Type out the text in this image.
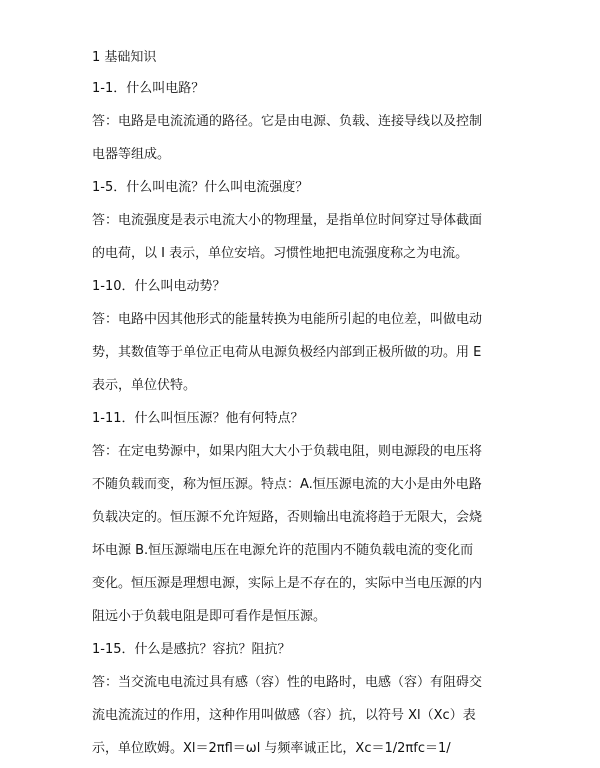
1 基础知识
1-1．什么叫电路？
答：电路是电流流通的路径。它是由电源、负载、连接导线以及控制
电器等组成。
1-5．什么叫电流？什么叫电流强度？
答：电流强度是表示电流大小的物理量，是指单位时间穿过导体截面
的电荷，以 I 表示，单位安培。习惯性地把电流强度称之为电流。
1-10．什么叫电动势？
答：电路中因其他形式的能量转换为电能所引起的电位差，叫做电动
势，其数值等于单位正电荷从电源负极经内部到正极所做的功。用 E
表示，单位伏特。
1-11．什么叫恒压源？他有何特点？
答：在定电势源中，如果内阻大大小于负载电阻，则电源段的电压将
不随负载而变，称为恒压源。特点：A.恒压源电流的大小是由外电路
负载决定的。恒压源不允许短路，否则输出电流将趋于无限大，会烧
坏电源 B.恒压源端电压在电源允许的范围内不随负载电流的变化而
变化。恒压源是理想电源，实际上是不存在的，实际中当电压源的内
阻远小于负载电阻是即可看作是恒压源。
1-15．什么是感抗？容抗？阻抗？
答：当交流电电流过具有感（容）性的电路时，电感（容）有阻碍交
流电流流过的作用，这种作用叫做感（容）抗，以符号 Xl（Xc）表
示，单位欧姆。Xl＝2πfl＝ωl 与频率诚正比，Xc＝1/2πfc＝1/
